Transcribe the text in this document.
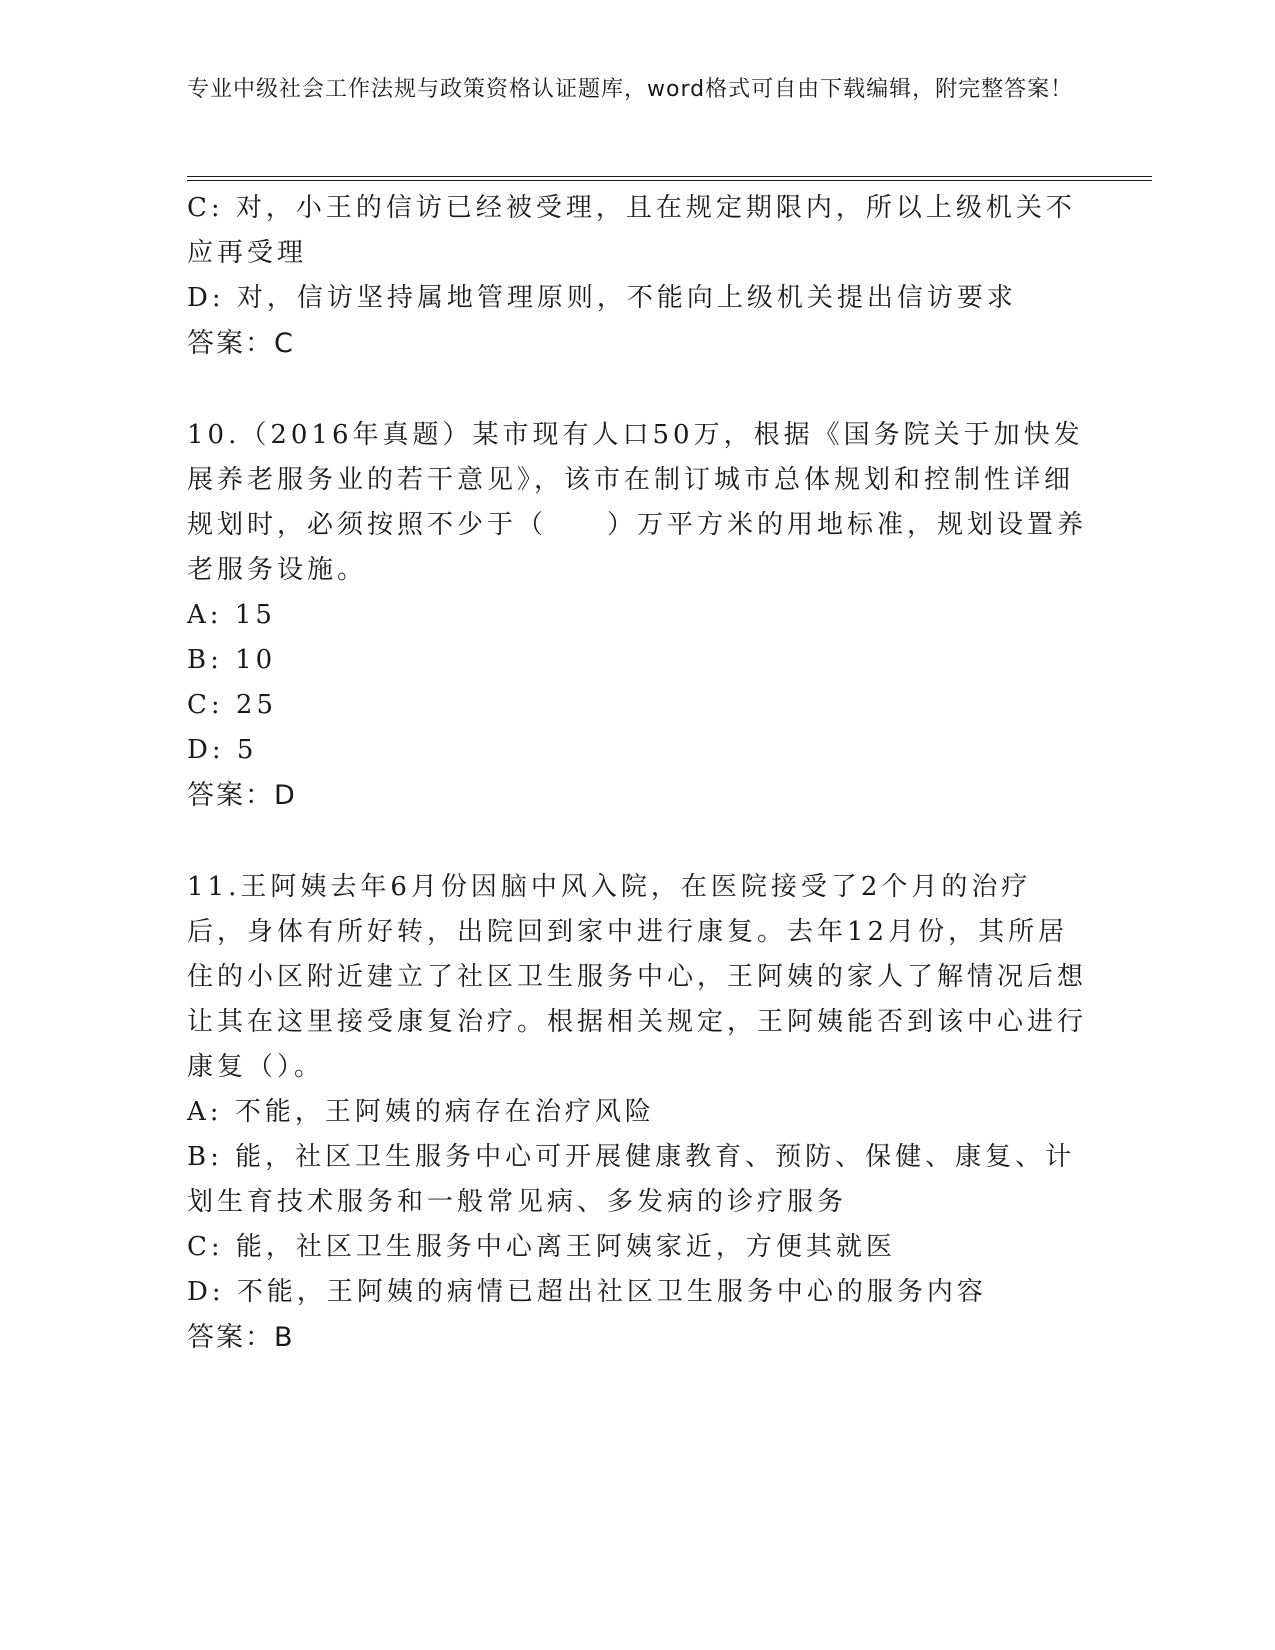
专业中级社会工作法规与政策资格认证题库，word格式可自由下载编辑，附完整答案！
C: 对，小王的信访已经被受理，且在规定期限内，所以上级机关不应再受理
D: 对，信访坚持属地管理原则，不能向上级机关提出信访要求
答案：C
10.（2016年真题）某市现有人口50万，根据《国务院关于加快发展养老服务业的若干意见》，该市在制订城市总体规划和控制性详细规划时，必须按照不少于（　　）万平方米的用地标准，规划设置养老服务设施。
A: 15
B: 10
C: 25
D: 5
答案：D
11.王阿姨去年6月份因脑中风入院，在医院接受了2个月的治疗后，身体有所好转，出院回到家中进行康复。去年12月份，其所居住的小区附近建立了社区卫生服务中心，王阿姨的家人了解情况后想让其在这里接受康复治疗。根据相关规定，王阿姨能否到该中心进行康复（）。
A: 不能，王阿姨的病存在治疗风险
B: 能，社区卫生服务中心可开展健康教育、预防、保健、康复、计划生育技术服务和一般常见病、多发病的诊疗服务
C: 能，社区卫生服务中心离王阿姨家近，方便其就医
D: 不能，王阿姨的病情已超出社区卫生服务中心的服务内容
答案：B
